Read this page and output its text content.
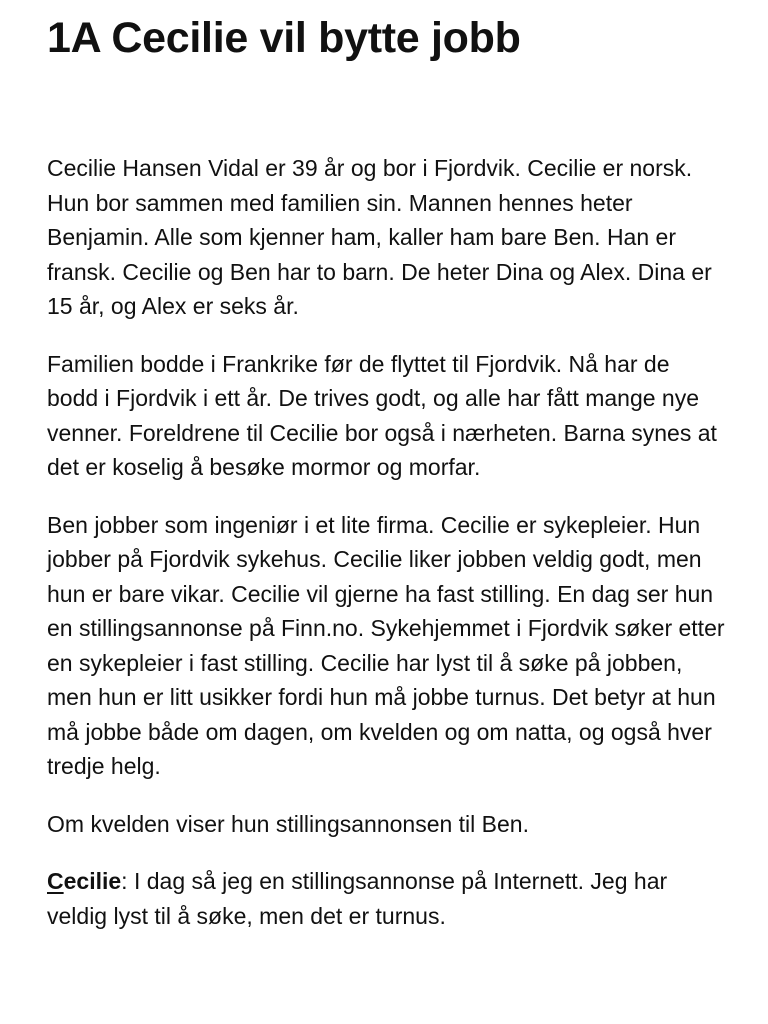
1A Cecilie vil bytte jobb

Cecilie Hansen Vidal er 39 år og bor i Fjordvik. Cecilie er norsk. Hun bor sammen med familien sin. Mannen hennes heter Benjamin. Alle som kjenner ham, kaller ham bare Ben. Han er fransk. Cecilie og Ben har to barn. De heter Dina og Alex. Dina er 15 år, og Alex er seks år.

Familien bodde i Frankrike før de flyttet til Fjordvik. Nå har de bodd i Fjordvik i ett år. De trives godt, og alle har fått mange nye venner. Foreldrene til Cecilie bor også i nærheten. Barna synes at det er koselig å besøke mormor og morfar.

Ben jobber som ingeniør i et lite firma. Cecilie er sykepleier. Hun jobber på Fjordvik sykehus. Cecilie liker jobben veldig godt, men hun er bare vikar. Cecilie vil gjerne ha fast stilling. En dag ser hun en stillingsannonse på Finn.no. Sykehjemmet i Fjordvik søker etter en sykepleier i fast stilling. Cecilie har lyst til å søke på jobben, men hun er litt usikker fordi hun må jobbe turnus. Det betyr at hun må jobbe både om dagen, om kvelden og om natta, og også hver tredje helg.

Om kvelden viser hun stillingsannonsen til Ben.

Cecilie: I dag så jeg en stillingsannonse på Internett. Jeg har veldig lyst til å søke, men det er turnus.
